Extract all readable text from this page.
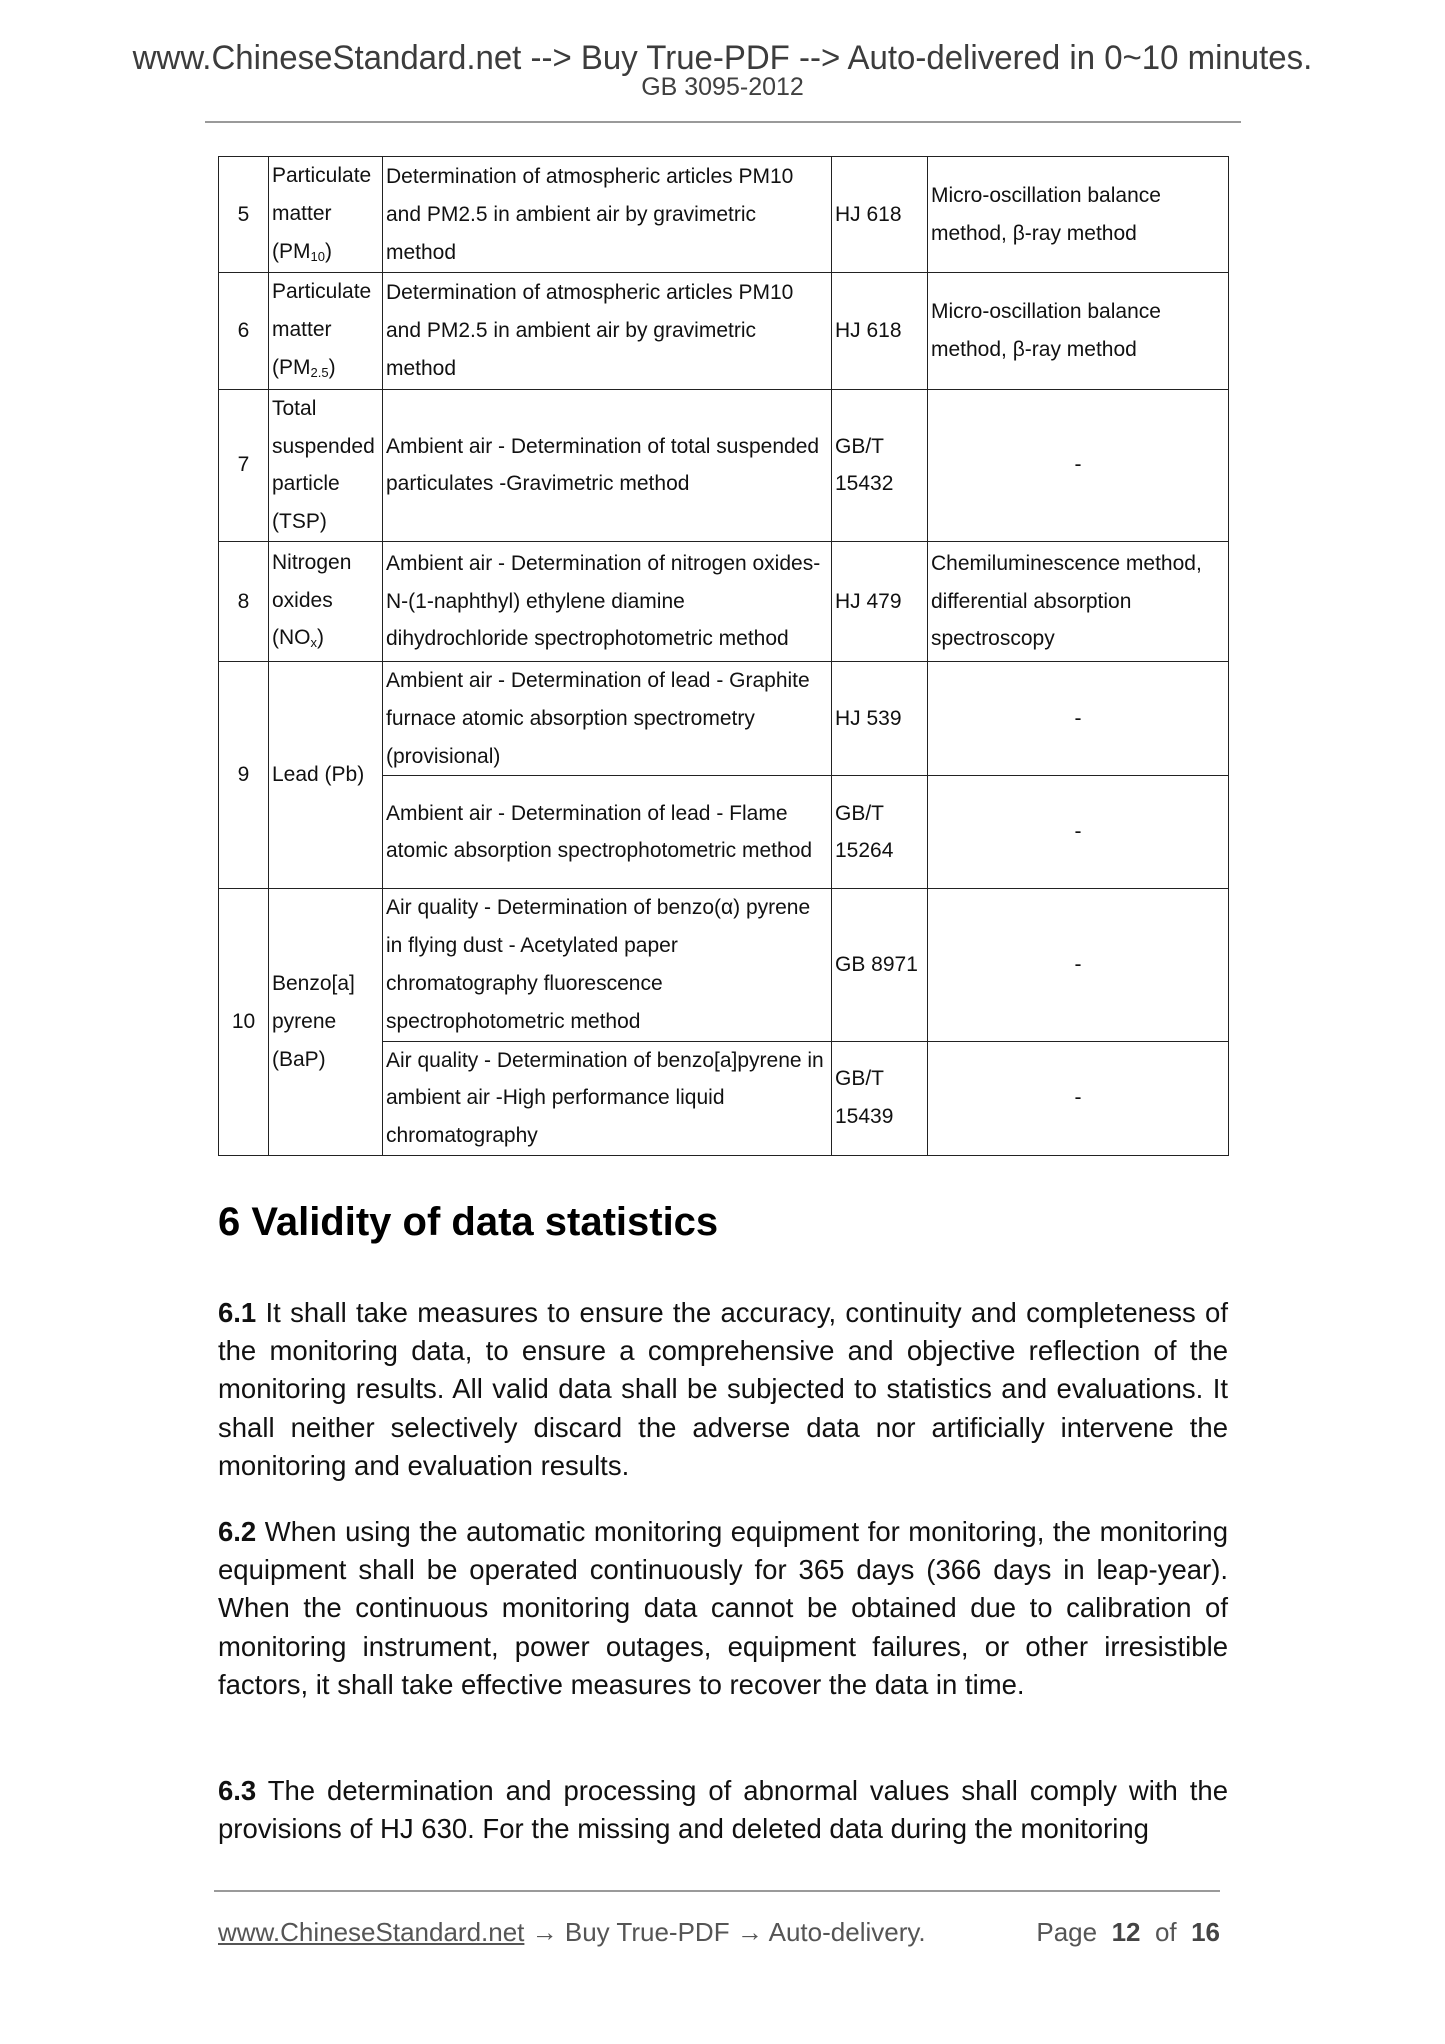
www.ChineseStandard.net --> Buy True-PDF --> Auto-delivered in 0~10 minutes.
GB 3095-2012
5	Particulate matter $(PM_{10})$	Determination of atmospheric articles PM10 and PM2.5 in ambient air by gravimetric method	HJ 618	Micro-oscillation balance method, β-ray method
6	Particulate matter $(PM_{2.5})$	Determination of atmospheric articles PM10 and PM2.5 in ambient air by gravimetric method	HJ 618	Micro-oscillation balance method, β-ray method
7	Total suspended particle (TSP)	Ambient air - Determination of total suspended particulates -Gravimetric method	GB/T 15432	-
8	Nitrogen oxides $(NO_x)$	Ambient air - Determination of nitrogen oxides-N-(1-naphthyl) ethylene diamine dihydrochloride spectrophotometric method	HJ 479	Chemiluminescence method, differential absorption spectroscopy
9	Lead (Pb)	Ambient air - Determination of lead - Graphite furnace atomic absorption spectrometry (provisional)	HJ 539	-
		Ambient air - Determination of lead - Flame atomic absorption spectrophotometric method	GB/T 15264	-
10	Benzo[a] pyrene (BaP)	Air quality - Determination of benzo(α) pyrene in flying dust - Acetylated paper chromatography fluorescence spectrophotometric method	GB 8971	-
		Air quality - Determination of benzo[a]pyrene in ambient air -High performance liquid chromatography	GB/T 15439	-
6 Validity of data statistics
6.1 It shall take measures to ensure the accuracy, continuity and completeness of the monitoring data, to ensure a comprehensive and objective reflection of the monitoring results. All valid data shall be subjected to statistics and evaluations. It shall neither selectively discard the adverse data nor artificially intervene the monitoring and evaluation results.
6.2 When using the automatic monitoring equipment for monitoring, the monitoring equipment shall be operated continuously for 365 days (366 days in leap-year). When the continuous monitoring data cannot be obtained due to calibration of monitoring instrument, power outages, equipment failures, or other irresistible factors, it shall take effective measures to recover the data in time.
6.3 The determination and processing of abnormal values shall comply with the provisions of HJ 630. For the missing and deleted data during the monitoring
www.ChineseStandard.net → Buy True-PDF → Auto-delivery.	Page 12 of 16
